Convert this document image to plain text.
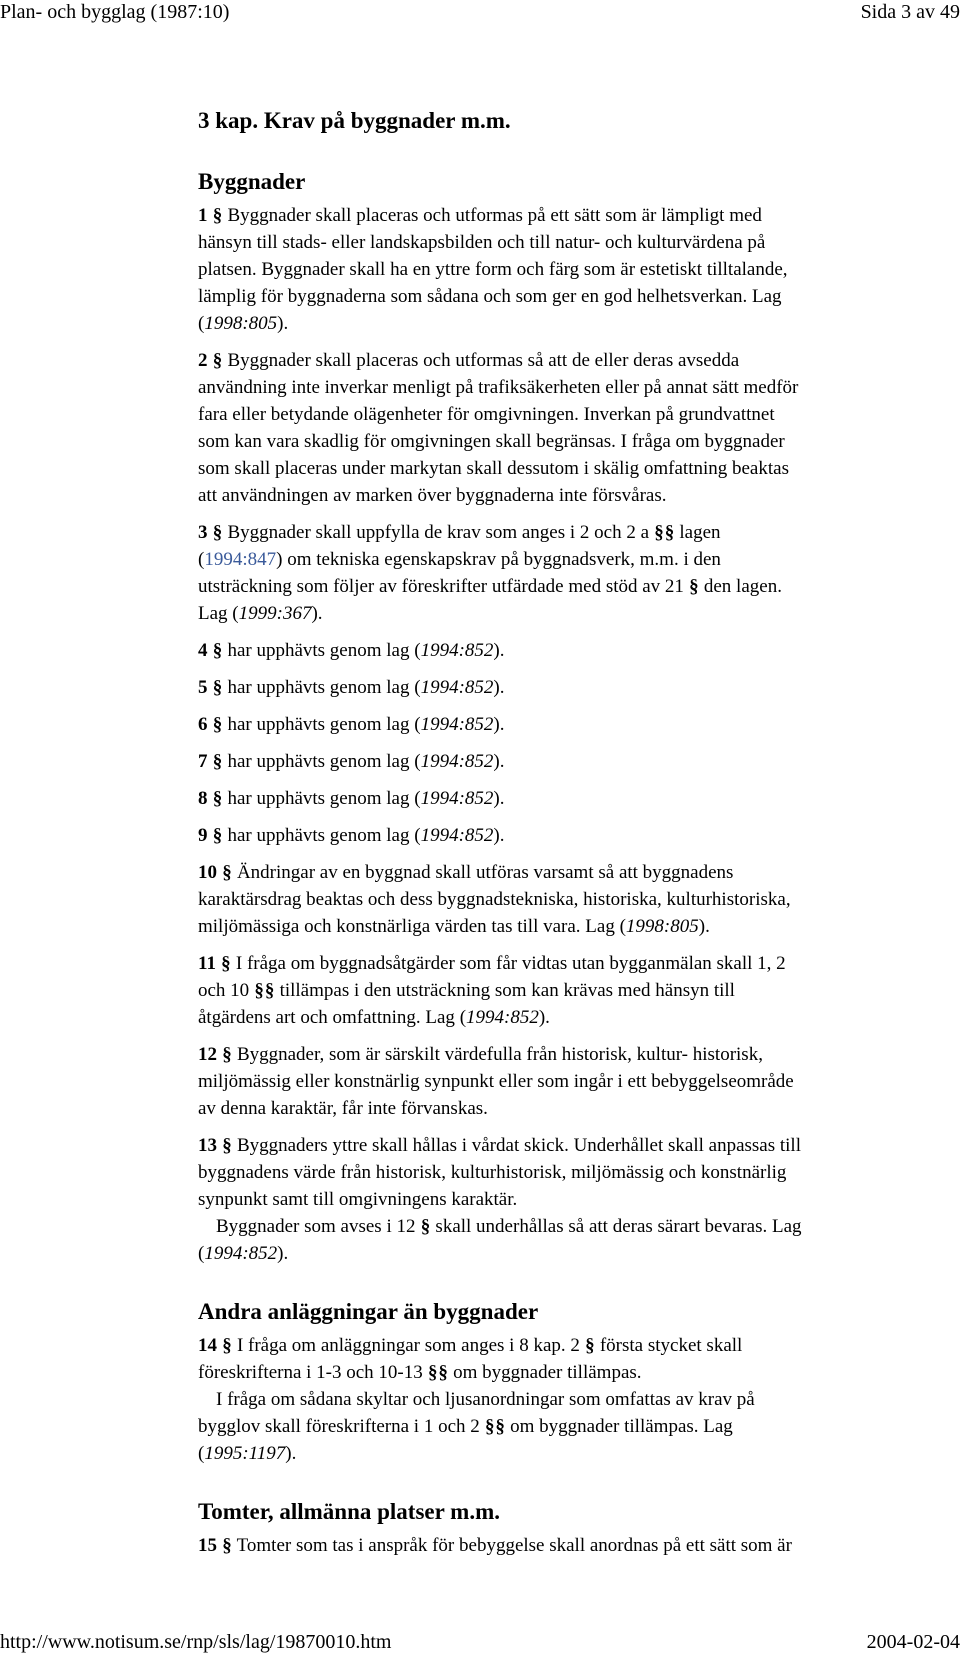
Plan- och bygglag (1987:10)	Sida 3 av 49
3 kap. Krav på byggnader m.m.
Byggnader
1 § Byggnader skall placeras och utformas på ett sätt som är lämpligt med
hänsyn till stads- eller landskapsbilden och till natur- och kulturvärdena på
platsen. Byggnader skall ha en yttre form och färg som är estetiskt tilltalande,
lämplig för byggnaderna som sådana och som ger en god helhetsverkan. Lag
(1998:805).
2 § Byggnader skall placeras och utformas så att de eller deras avsedda
användning inte inverkar menligt på trafiksäkerheten eller på annat sätt medför
fara eller betydande olägenheter för omgivningen. Inverkan på grundvattnet
som kan vara skadlig för omgivningen skall begränsas. I fråga om byggnader
som skall placeras under markytan skall dessutom i skälig omfattning beaktas
att användningen av marken över byggnaderna inte försvåras.
3 § Byggnader skall uppfylla de krav som anges i 2 och 2 a §§ lagen
(1994:847) om tekniska egenskapskrav på byggnadsverk, m.m. i den
utsträckning som följer av föreskrifter utfärdade med stöd av 21 § den lagen.
Lag (1999:367).
4 § har upphävts genom lag (1994:852).
5 § har upphävts genom lag (1994:852).
6 § har upphävts genom lag (1994:852).
7 § har upphävts genom lag (1994:852).
8 § har upphävts genom lag (1994:852).
9 § har upphävts genom lag (1994:852).
10 § Ändringar av en byggnad skall utföras varsamt så att byggnadens
karaktärsdrag beaktas och dess byggnadstekniska, historiska, kulturhistoriska,
miljömässiga och konstnärliga värden tas till vara. Lag (1998:805).
11 § I fråga om byggnadsåtgärder som får vidtas utan bygganmälan skall 1, 2
och 10 §§ tillämpas i den utsträckning som kan krävas med hänsyn till
åtgärdens art och omfattning. Lag (1994:852).
12 § Byggnader, som är särskilt värdefulla från historisk, kultur- historisk,
miljömässig eller konstnärlig synpunkt eller som ingår i ett bebyggelseområde
av denna karaktär, får inte förvanskas.
13 § Byggnaders yttre skall hållas i vårdat skick. Underhållet skall anpassas till
byggnadens värde från historisk, kulturhistorisk, miljömässig och konstnärlig
synpunkt samt till omgivningens karaktär.
Byggnader som avses i 12 § skall underhållas så att deras särart bevaras. Lag
(1994:852).
Andra anläggningar än byggnader
14 § I fråga om anläggningar som anges i 8 kap. 2 § första stycket skall
föreskrifterna i 1-3 och 10-13 §§ om byggnader tillämpas.
I fråga om sådana skyltar och ljusanordningar som omfattas av krav på
bygglov skall föreskrifterna i 1 och 2 §§ om byggnader tillämpas. Lag
(1995:1197).
Tomter, allmänna platser m.m.
15 § Tomter som tas i anspråk för bebyggelse skall anordnas på ett sätt som är
http://www.notisum.se/rnp/sls/lag/19870010.htm	2004-02-04
